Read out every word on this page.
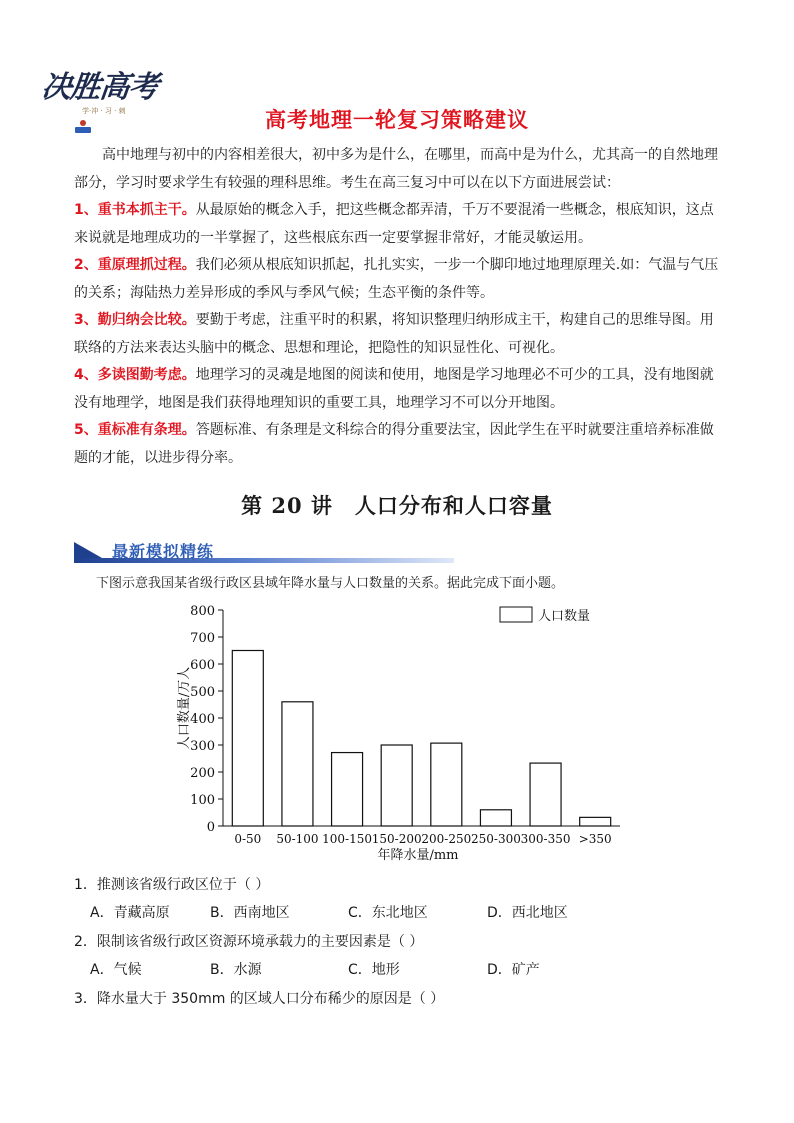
决胜高考
学·冲 · 习 · 刺	高考地理一轮复习策略建议

高中地理与初中的内容相差很大，初中多为是什么，在哪里，而高中是为什么，尤其高一的自然地理部分，学习时要求学生有较强的理科思维。考生在高三复习中可以在以下方面进展尝试：

1、重书本抓主干。从最原始的概念入手，把这些概念都弄清，千万不要混淆一些概念，根底知识，这点来说就是地理成功的一半掌握了，这些根底东西一定要掌握非常好，才能灵敏运用。

2、重原理抓过程。我们必须从根底知识抓起，扎扎实实，一步一个脚印地过地理原理关.如：气温与气压的关系；海陆热力差异形成的季风与季风气候；生态平衡的条件等。

3、勤归纳会比较。要勤于考虑，注重平时的积累，将知识整理归纳形成主干，构建自己的思维导图。用联络的方法来表达头脑中的概念、思想和理论，把隐性的知识显性化、可视化。

4、多读图勤考虑。地理学习的灵魂是地图的阅读和使用，地图是学习地理必不可少的工具，没有地图就没有地理学，地图是我们获得地理知识的重要工具，地理学习不可以分开地图。

5、重标准有条理。答题标准、有条理是文科综合的得分重要法宝，因此学生在平时就要注重培养标准做题的才能，以进步得分率。

第 20 讲　人口分布和人口容量
最新模拟精练
下图示意我国某省级行政区县域年降水量与人口数量的关系。据此完成下面小题。
0
100
200
300
400
500
600
700
800
0-50 50-100 100-150 150-200 200-250 250-300 300-350 >350
人口数量/万人
年降水量/mm
人口数量
1．推测该省级行政区位于（ ）
A．青藏高原	B．西南地区	C．东北地区	D．西北地区
2．限制该省级行政区资源环境承载力的主要因素是（ ）
A．气候	B．水源	C．地形	D．矿产
3．降水量大于 350mm 的区域人口分布稀少的原因是（ ）
